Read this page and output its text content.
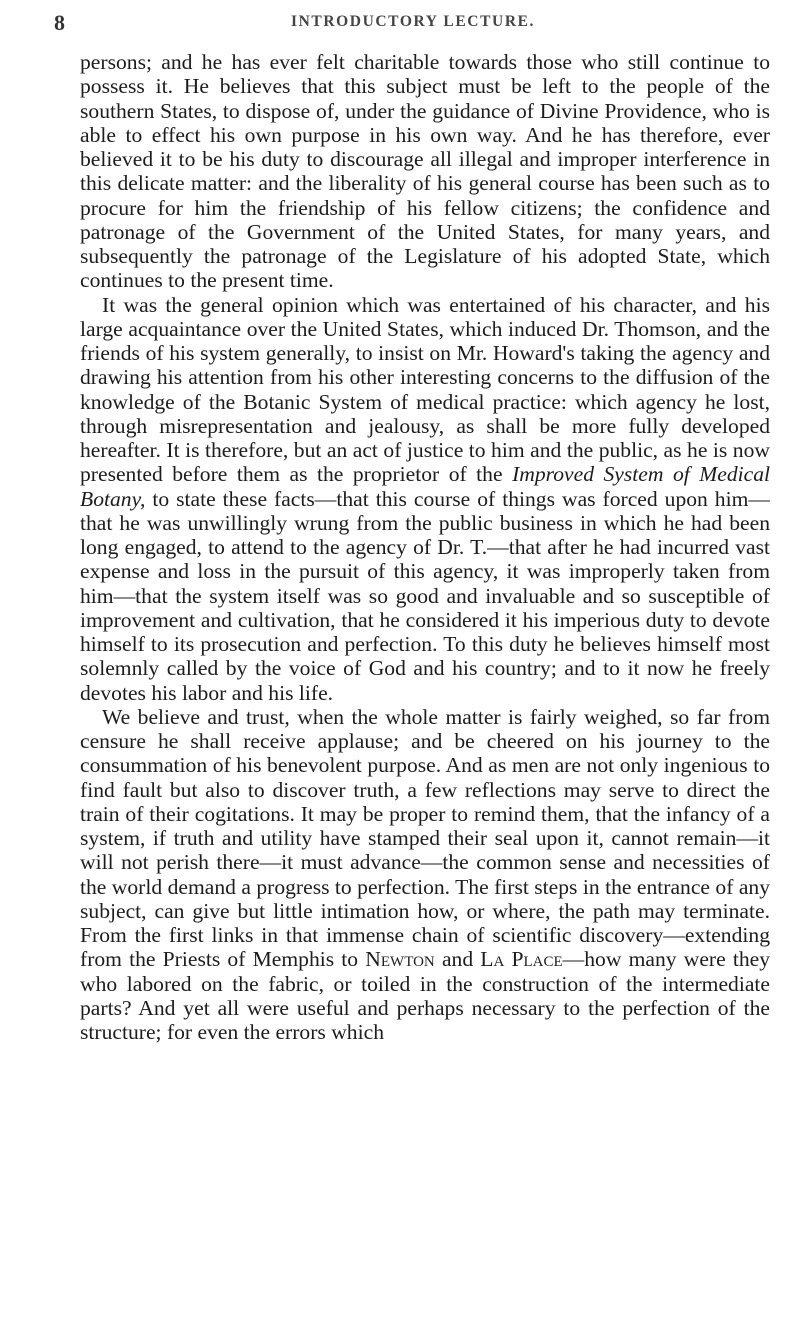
8	INTRODUCTORY LECTURE.

persons; and he has ever felt charitable towards those who still continue to possess it. He believes that this subject must be left to the people of the southern States, to dispose of, under the guidance of Divine Providence, who is able to effect his own purpose in his own way. And he has therefore, ever believed it to be his duty to discourage all illegal and improper interference in this delicate matter: and the liberality of his general course has been such as to procure for him the friendship of his fellow citizens; the confidence and patronage of the Government of the United States, for many years, and subsequently the patronage of the Legislature of his adopted State, which continues to the present time.

It was the general opinion which was entertained of his character, and his large acquaintance over the United States, which induced Dr. Thomson, and the friends of his system generally, to insist on Mr. Howard's taking the agency and drawing his attention from his other interesting concerns to the diffusion of the knowledge of the Botanic System of medical practice: which agency he lost, through misrepresentation and jealousy, as shall be more fully developed hereafter. It is therefore, but an act of justice to him and the public, as he is now presented before them as the proprietor of the Improved System of Medical Botany, to state these facts—that this course of things was forced upon him—that he was unwillingly wrung from the public business in which he had been long engaged, to attend to the agency of Dr. T.—that after he had incurred vast expense and loss in the pursuit of this agency, it was improperly taken from him—that the system itself was so good and invaluable and so susceptible of improvement and cultivation, that he considered it his imperious duty to devote himself to its prosecution and perfection. To this duty he believes himself most solemnly called by the voice of God and his country; and to it now he freely devotes his labor and his life.

We believe and trust, when the whole matter is fairly weighed, so far from censure he shall receive applause; and be cheered on his journey to the consummation of his benevolent purpose. And as men are not only ingenious to find fault but also to discover truth, a few reflections may serve to direct the train of their cogitations. It may be proper to remind them, that the infancy of a system, if truth and utility have stamped their seal upon it, cannot remain—it will not perish there—it must advance—the common sense and necessities of the world demand a progress to perfection. The first steps in the entrance of any subject, can give but little intimation how, or where, the path may terminate. From the first links in that immense chain of scientific discovery—extending from the Priests of Memphis to Newton and La Place—how many were they who labored on the fabric, or toiled in the construction of the intermediate parts? And yet all were useful and perhaps necessary to the perfection of the structure; for even the errors which
